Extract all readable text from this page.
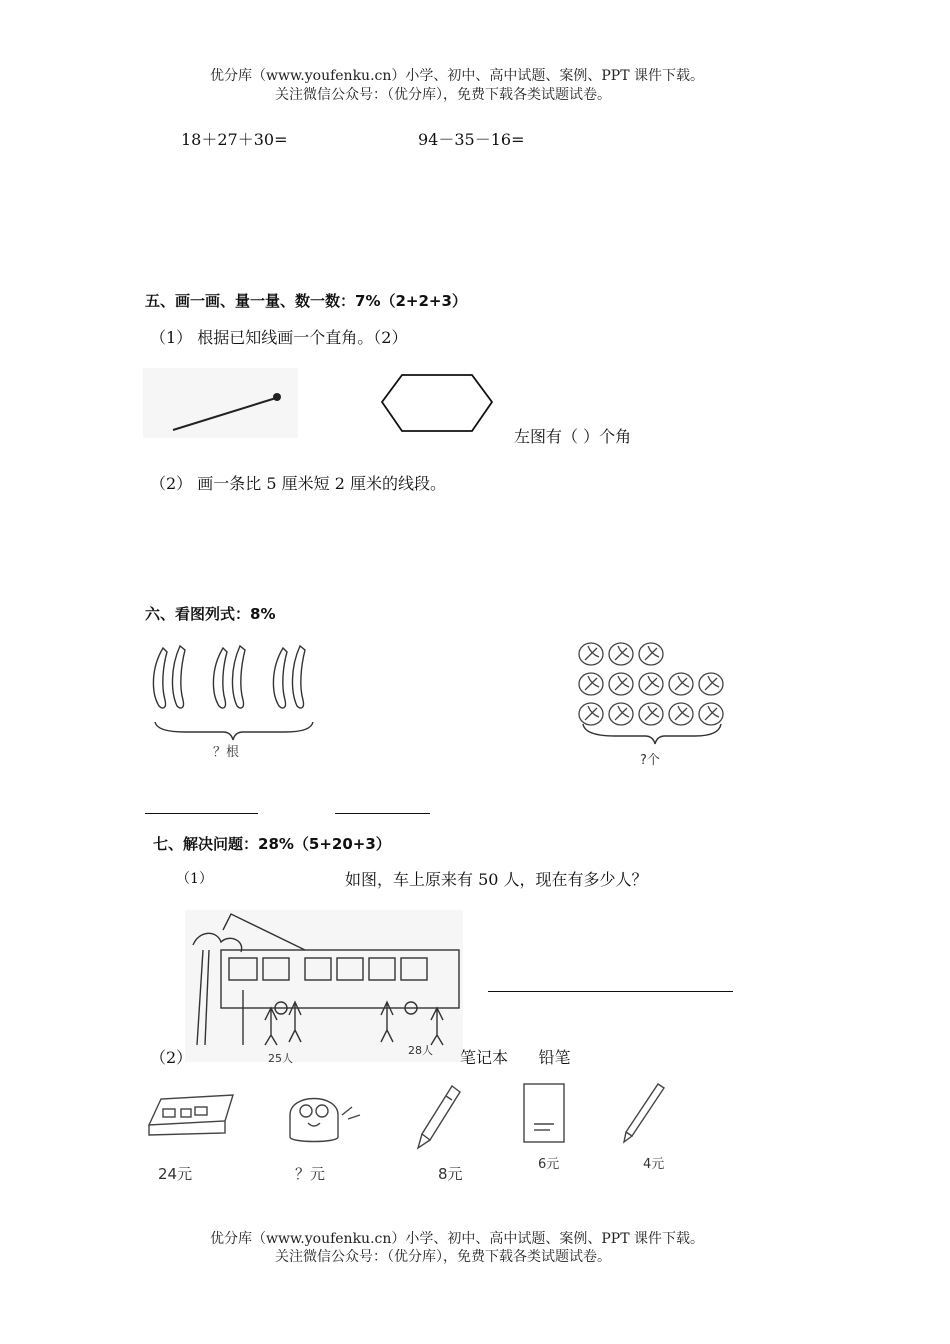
优分库（www.youfenku.cn）小学、初中、高中试题、案例、PPT 课件下载。
关注微信公众号：（优分库），免费下载各类试题试卷。
18＋27＋30=	94－35－16=
五、画一画、量一量、数一数：7%（2+2+3）
（1） 根据已知线画一个直角。（2）
左图有（ ）个角
（2） 画一条比 5 厘米短 2 厘米的线段。
六、看图列式：8%
？根
?个
七、解决问题：28%（5+20+3）
（1）	如图，车上原来有 50 人，现在有多少人？
25人
28人
（2）	笔记本      铅笔
24元	？元	8元
6元	4元
优分库（www.youfenku.cn）小学、初中、高中试题、案例、PPT 课件下载。
关注微信公众号：（优分库），免费下载各类试题试卷。
